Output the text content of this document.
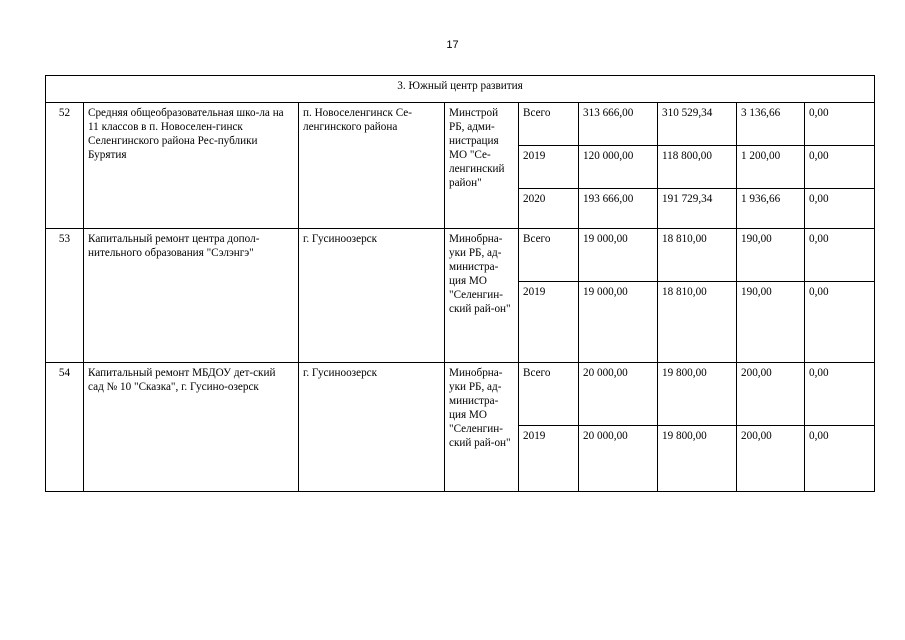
17
3. Южный центр развития								
52	Средняя общеобразовательная шко-ла на 11 классов в п. Новоселен-гинск Селенгинского района Рес-публики Бурятия	п. Новоселенгинск Се-ленгинского района	Минстрой РБ, адми-нистрация МО "Се-ленгинский район"	Всего	313 666,00	310 529,34	3 136,66	0,00
				2019	120 000,00	118 800,00	1 200,00	0,00
				2020	193 666,00	191 729,34	1 936,66	0,00
53	Капитальный ремонт центра допол-нительного образования "Сэлэнгэ"	г. Гусиноозерск	Минобрна-уки РБ, ад-министра-ция МО "Селенгин-ский рай-он"	Всего	19 000,00	18 810,00	190,00	0,00
				2019	19 000,00	18 810,00	190,00	0,00
54	Капитальный ремонт МБДОУ дет-ский сад № 10 "Сказка", г. Гусино-озерск	г. Гусиноозерск	Минобрна-уки РБ, ад-министра-ция МО "Селенгин-ский рай-он"	Всего	20 000,00	19 800,00	200,00	0,00
				2019	20 000,00	19 800,00	200,00	0,00
